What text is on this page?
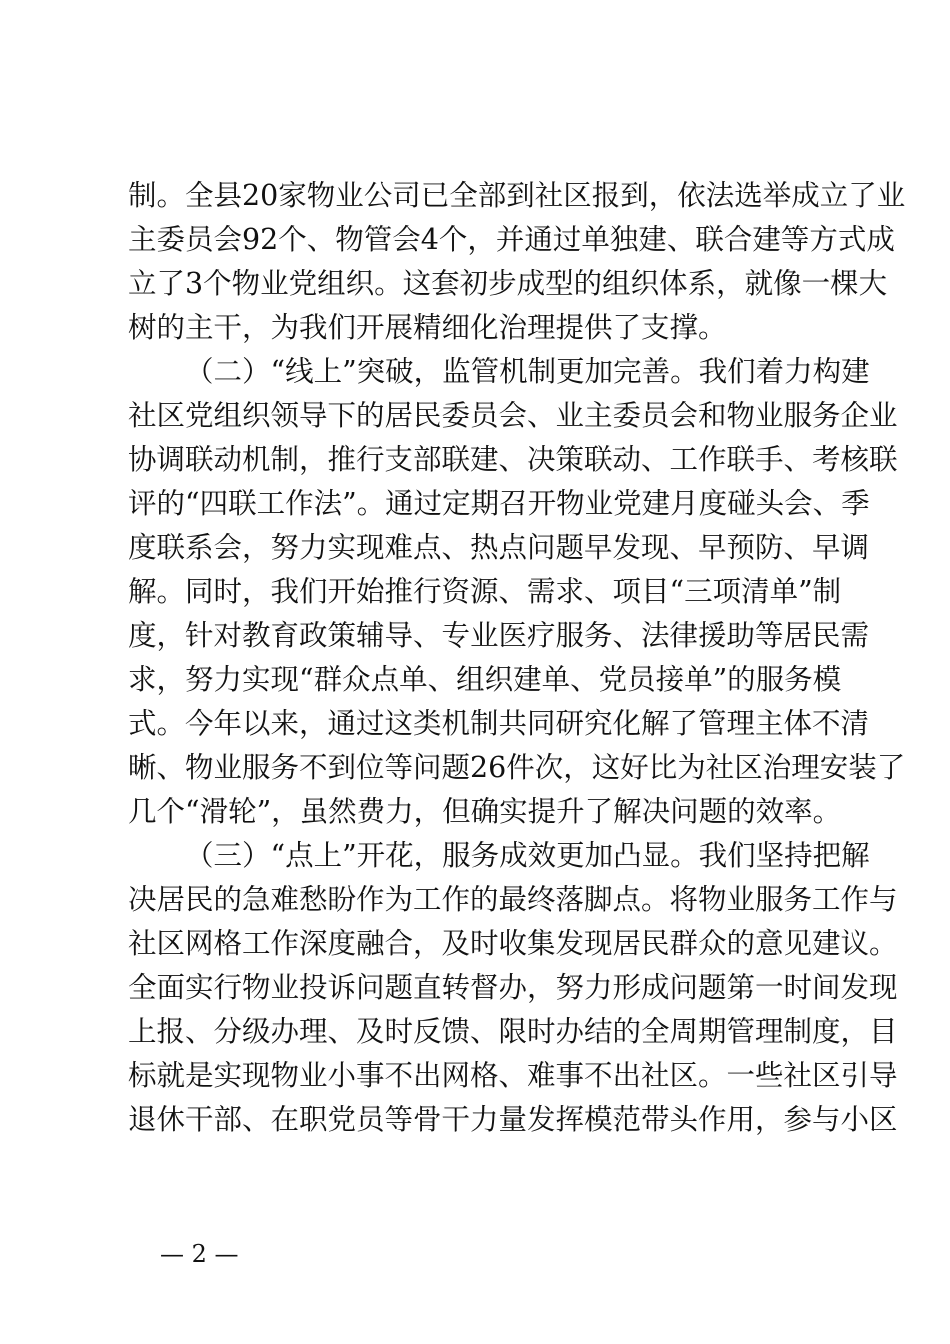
制。全县20家物业公司已全部到社区报到，依法选举成立了业
主委员会92个、物管会4个，并通过单独建、联合建等方式成
立了3个物业党组织。这套初步成型的组织体系，就像一棵大
树的主干，为我们开展精细化治理提供了支撑。
（二）“线上”突破，监管机制更加完善。我们着力构建
社区党组织领导下的居民委员会、业主委员会和物业服务企业
协调联动机制，推行支部联建、决策联动、工作联手、考核联
评的“四联工作法”。通过定期召开物业党建月度碰头会、季
度联系会，努力实现难点、热点问题早发现、早预防、早调
解。同时，我们开始推行资源、需求、项目“三项清单”制
度，针对教育政策辅导、专业医疗服务、法律援助等居民需
求，努力实现“群众点单、组织建单、党员接单”的服务模
式。今年以来，通过这类机制共同研究化解了管理主体不清
晰、物业服务不到位等问题26件次，这好比为社区治理安装了
几个“滑轮”，虽然费力，但确实提升了解决问题的效率。
（三）“点上”开花，服务成效更加凸显。我们坚持把解
决居民的急难愁盼作为工作的最终落脚点。将物业服务工作与
社区网格工作深度融合，及时收集发现居民群众的意见建议。
全面实行物业投诉问题直转督办，努力形成问题第一时间发现
上报、分级办理、及时反馈、限时办结的全周期管理制度，目
标就是实现物业小事不出网格、难事不出社区。一些社区引导
退休干部、在职党员等骨干力量发挥模范带头作用，参与小区
— 2 —
